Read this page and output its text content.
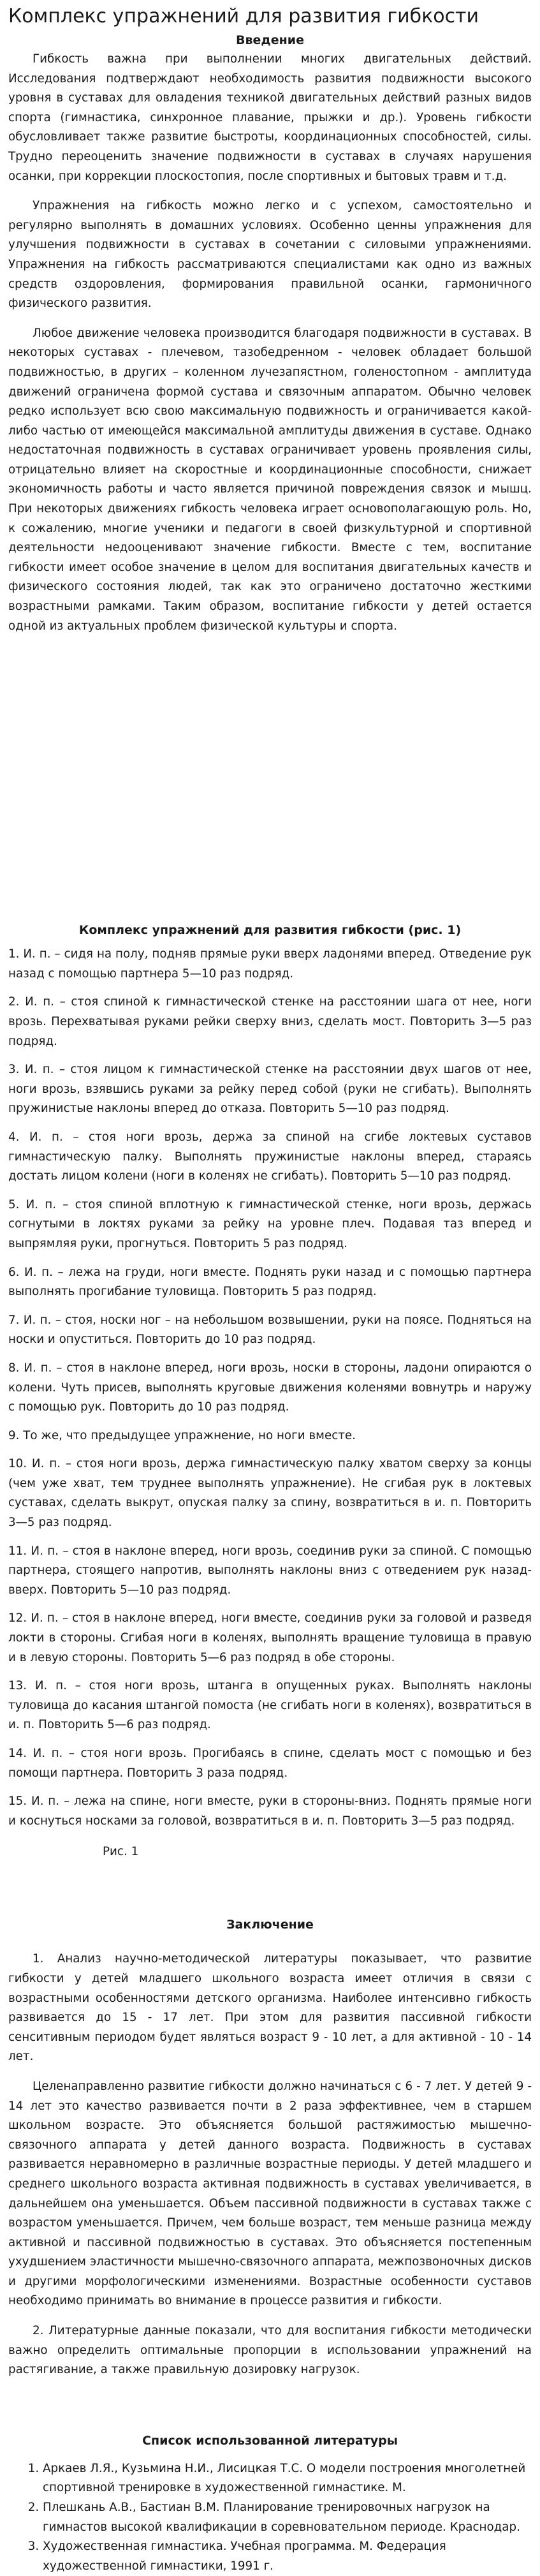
Комплекс упражнений для развития гибкости
Введение

Гибкость важна при выполнении многих двигательных действий. Исследования подтверждают необходимость развития подвижности высокого уровня в суставах для овладения техникой двигательных действий разных видов спорта (гимнастика, синхронное плавание, прыжки и др.). Уровень гибкости обусловливает также развитие быстроты, координационных способностей, силы. Трудно переоценить значение подвижности в суставах в случаях нарушения осанки, при коррекции плоскостопия, после спортивных и бытовых травм и т.д.

Упражнения на гибкость можно легко и с успехом, самостоятельно и регулярно выполнять в домашних условиях. Особенно ценны упражнения для улучшения подвижности в суставах в сочетании с силовыми упражнениями. Упражнения на гибкость рассматриваются специалистами как одно из важных средств оздоровления, формирования правильной осанки, гармоничного физического развития.

Любое движение человека производится благодаря подвижности в суставах. В некоторых суставах - плечевом, тазобедренном - человек обладает большой подвижностью, в других – коленном лучезапястном, голеностопном - амплитуда движений ограничена формой сустава и связочным аппаратом. Обычно человек редко использует всю свою максимальную подвижность и ограничивается какой-либо частью от имеющейся максимальной амплитуды движения в суставе. Однако недостаточная подвижность в суставах ограничивает уровень проявления силы, отрицательно влияет на скоростные и координационные способности, снижает экономичность работы и часто является причиной повреждения связок и мышц. При некоторых движениях гибкость человека играет основополагающую роль. Но, к сожалению, многие ученики и педагоги в своей физкультурной и спортивной деятельности недооценивают значение гибкости. Вместе с тем, воспитание гибкости имеет особое значение в целом для воспитания двигательных качеств и физического состояния людей, так как это ограничено достаточно жесткими возрастными рамками. Таким образом, воспитание гибкости у детей остается одной из актуальных проблем физической культуры и спорта.

Комплекс упражнений для развития гибкости (рис. 1)

1. И. п. – сидя на полу, подняв прямые руки вверх ладонями вперед. Отведение рук назад с помощью партнера 5—10 раз подряд.

2. И. п. – стоя спиной к гимнастической стенке на расстоянии шага от нее, ноги врозь. Перехватывая руками рейки сверху вниз, сделать мост. Повторить 3—5 раз подряд.

3. И. п. – стоя лицом к гимнастической стенке на расстоянии двух шагов от нее, ноги врозь, взявшись руками за рейку перед собой (руки не сгибать). Выполнять пружинистые наклоны вперед до отказа. Повторить 5—10 раз подряд.

4. И. п. – стоя ноги врозь, держа за спиной на сгибе локтевых суставов гимнастическую палку. Выполнять пружинистые наклоны вперед, стараясь достать лицом колени (ноги в коленях не сгибать). Повторить 5—10 раз подряд.

5. И. п. – стоя спиной вплотную к гимнастической стенке, ноги врозь, держась согнутыми в локтях руками за рейку на уровне плеч. Подавая таз вперед и выпрямляя руки, прогнуться. Повторить 5 раз подряд.

6. И. п. – лежа на груди, ноги вместе. Поднять руки назад и с помощью партнера выполнять прогибание туловища. Повторить 5 раз подряд.

7. И. п. – стоя, носки ног – на небольшом возвышении, руки на поясе. Подняться на носки и опуститься. Повторить до 10 раз подряд.

8. И. п. – стоя в наклоне вперед, ноги врозь, носки в стороны, ладони опираются о колени. Чуть присев, выполнять круговые движения коленями вовнутрь и наружу с помощью рук. Повторить до 10 раз подряд.

9. То же, что предыдущее упражнение, но ноги вместе.

10. И. п. – стоя ноги врозь, держа гимнастическую палку хватом сверху за концы (чем уже хват, тем труднее выполнять упражнение). Не сгибая рук в локтевых суставах, сделать выкрут, опуская палку за спину, возвратиться в и. п. Повторить 3—5 раз подряд.

11. И. п. – стоя в наклоне вперед, ноги врозь, соединив руки за спиной. С помощью партнера, стоящего напротив, выполнять наклоны вниз с отведением рук назад-вверх. Повторить 5—10 раз подряд.

12. И. п. – стоя в наклоне вперед, ноги вместе, соединив руки за головой и разведя локти в стороны. Сгибая ноги в коленях, выполнять вращение туловища в правую и в левую стороны. Повторить 5—6 раз подряд в обе стороны.

13. И. п. – стоя ноги врозь, штанга в опущенных руках. Выполнять наклоны туловища до касания штангой помоста (не сгибать ноги в коленях), возвратиться в и. п. Повторить 5—6 раз подряд.

14. И. п. – стоя ноги врозь. Прогибаясь в спине, сделать мост с помощью и без помощи партнера. Повторить 3 раза подряд.

15. И. п. – лежа на спине, ноги вместе, руки в стороны-вниз. Поднять прямые ноги и коснуться носками за головой, возвратиться в и. п. Повторить 3—5 раз подряд.

Рис. 1

Заключение

1. Анализ научно-методической литературы показывает, что развитие гибкости у детей младшего школьного возраста имеет отличия в связи с возрастными особенностями детского организма. Наиболее интенсивно гибкость развивается до 15 - 17 лет. При этом для развития пассивной гибкости сенситивным периодом будет являться возраст 9 - 10 лет, а для активной - 10 - 14 лет.

Целенаправленно развитие гибкости должно начинаться с 6 - 7 лет. У детей 9 - 14 лет это качество развивается почти в 2 раза эффективнее, чем в старшем школьном возрасте. Это объясняется большой растяжимостью мышечно-связочного аппарата у детей данного возраста. Подвижность в суставах развивается неравномерно в различные возрастные периоды. У детей младшего и среднего школьного возраста активная подвижность в суставах увеличивается, в дальнейшем она уменьшается. Объем пассивной подвижности в суставах также с возрастом уменьшается. Причем, чем больше возраст, тем меньше разница между активной и пассивной подвижностью в суставах. Это объясняется постепенным ухудшением эластичности мышечно-связочного аппарата, межпозвоночных дисков и другими морфологическими изменениями. Возрастные особенности суставов необходимо принимать во внимание в процессе развития и гибкости.

2. Литературные данные показали, что для воспитания гибкости методически важно определить оптимальные пропорции в использовании упражнений на растягивание, а также правильную дозировку нагрузок.

Список использованной литературы
1. Аркаев Л.Я., Кузьмина Н.И., Лисицкая Т.С. О модели построения многолетней спортивной тренировке в художественной гимнастике. М.
2. Плешкань А.В., Бастиан В.М. Планирование тренировочных нагрузок на гимнастов высокой квалификации в соревновательном периоде. Краснодар.
3. Художественная гимнастика. Учебная программа. М. Федерация художественной гимнастики, 1991 г.
